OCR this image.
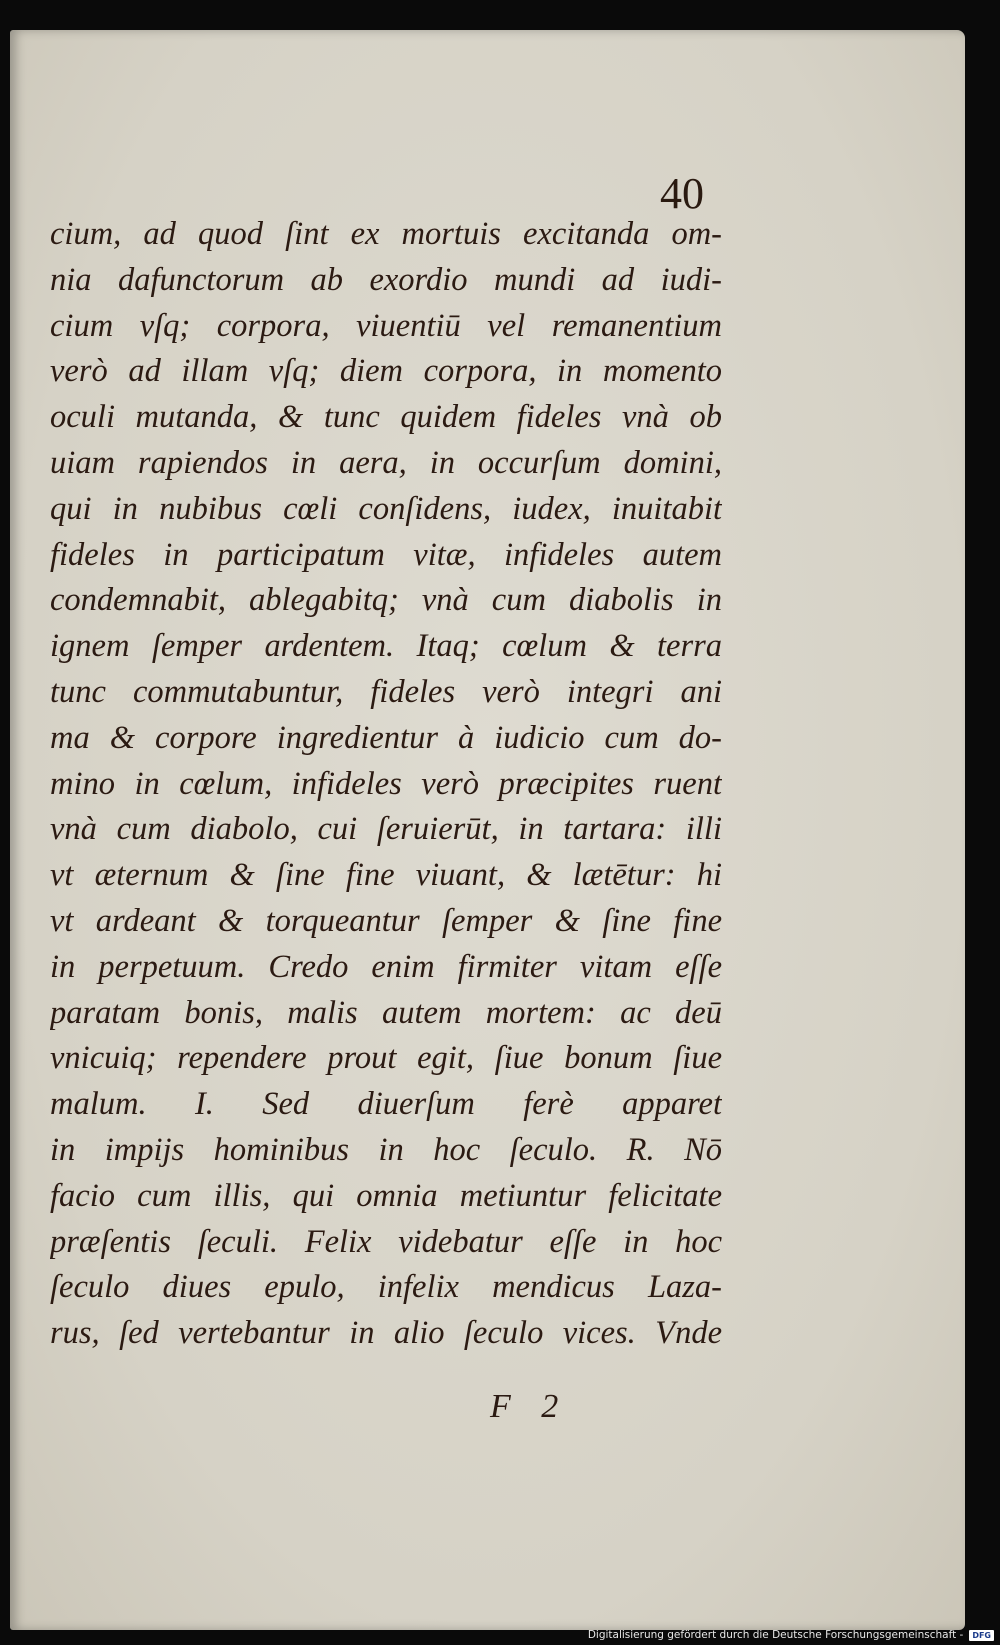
40
cium, ad quod ſint ex mortuis excitanda om-
nia dafunctorum ab exordio mundi ad iudi-
cium vſq; corpora, viuentiū vel remanentium
verò ad illam vſq; diem corpora, in momento
oculi mutanda, & tunc quidem fideles vnà ob
uiam rapiendos in aera, in occurſum domini,
qui in nubibus cœli conſidens, iudex, inuitabit
fideles in participatum vitæ, infideles autem
condemnabit, ablegabitq; vnà cum diabolis in
ignem ſemper ardentem. Itaq; cœlum & terra
tunc commutabuntur, fideles verò integri ani
ma & corpore ingredientur à iudicio cum do-
mino in cœlum, infideles verò præcipites ruent
vnà cum diabolo, cui ſeruierūt, in tartara: illi
vt æternum & ſine fine viuant, & lætētur: hi
vt ardeant & torqueantur ſemper & ſine fine
in perpetuum. Credo enim firmiter vitam eſſe
paratam bonis, malis autem mortem: ac deū
vnicuiq; rependere prout egit, ſiue bonum ſiue
malum. I. Sed diuerſum ferè apparet
in impijs hominibus in hoc ſeculo. R. Nō
facio cum illis, qui omnia metiuntur felicitate
præſentis ſeculi. Felix videbatur eſſe in hoc
ſeculo diues epulo, infelix mendicus Laza-
rus, ſed vertebantur in alio ſeculo vices. Vnde
F 2
Digitalisierung gefördert durch die Deutsche Forschungsgemeinschaft -	DFG
